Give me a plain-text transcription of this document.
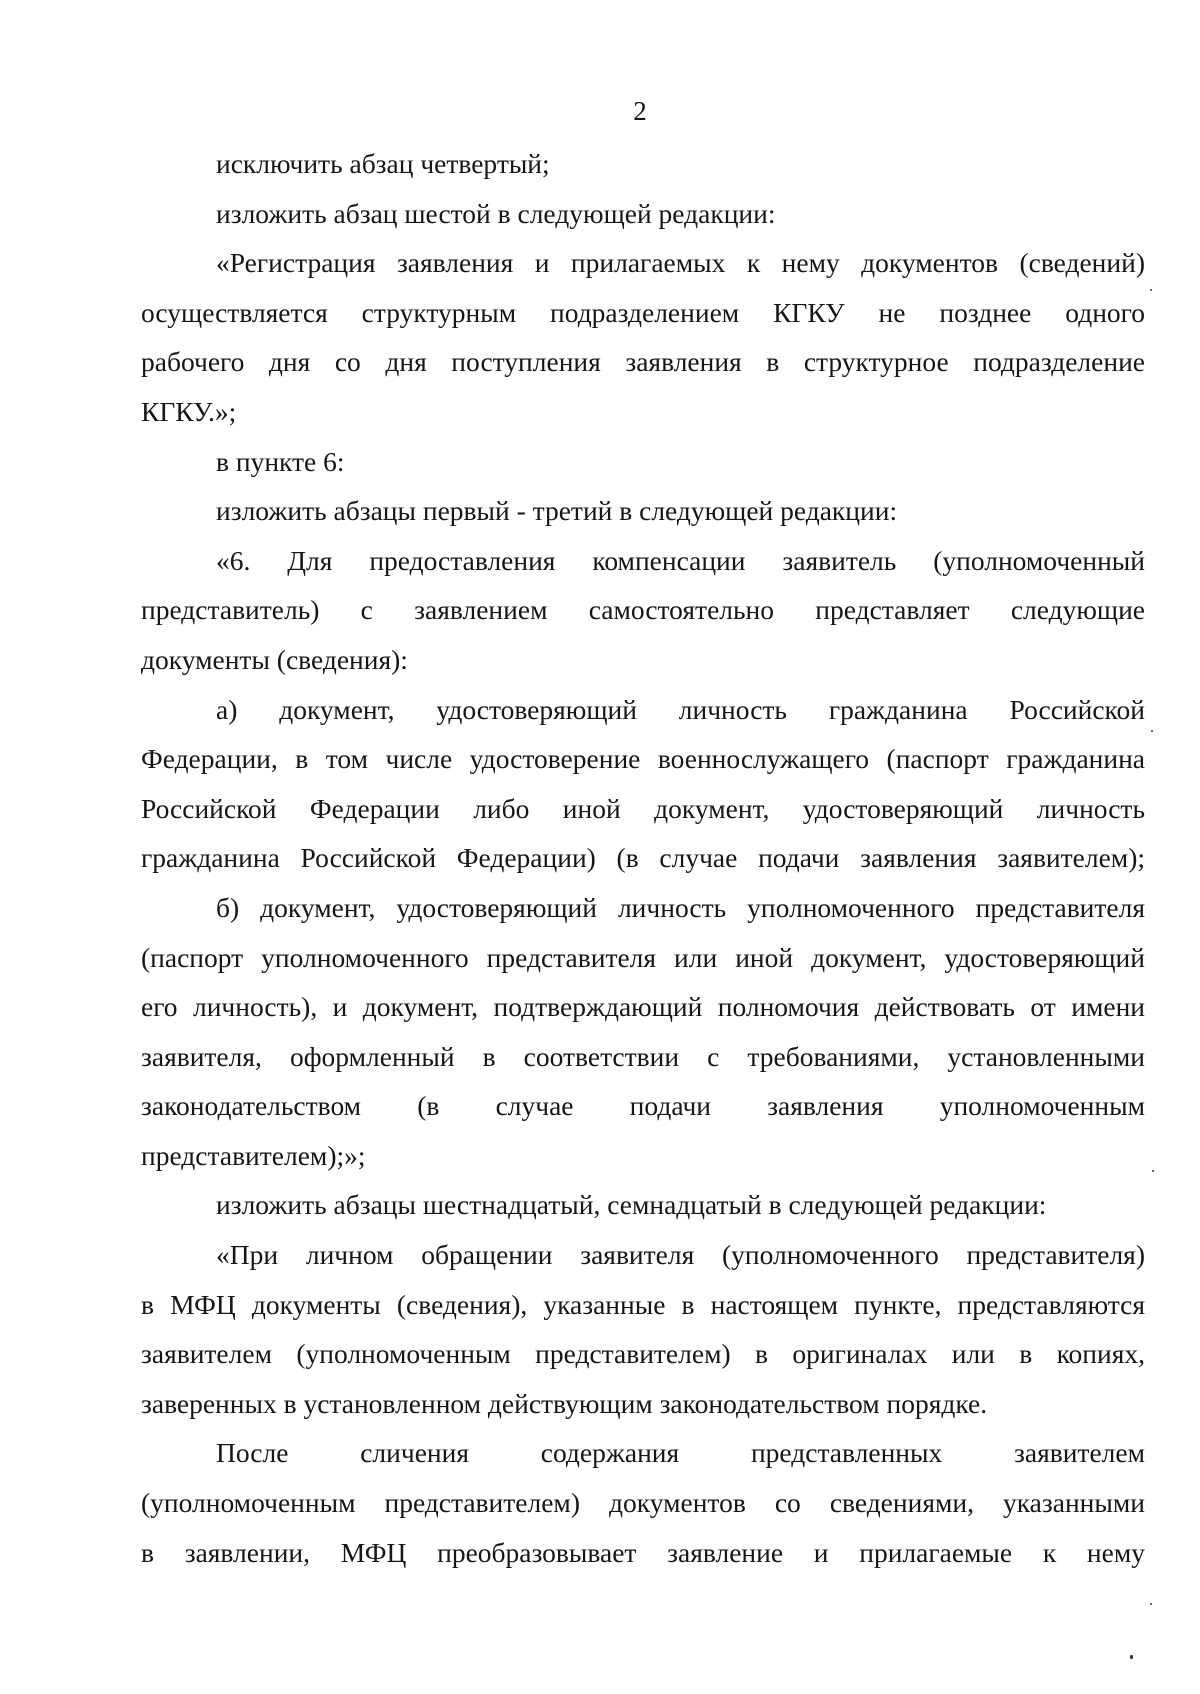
2
исключить абзац четвертый;
изложить абзац шестой в следующей редакции:
«Регистрация заявления и прилагаемых к нему документов (сведений)
осуществляется структурным подразделением КГКУ не позднее одного
рабочего дня со дня поступления заявления в структурное подразделение
КГКУ.»;
в пункте 6:
изложить абзацы первый - третий в следующей редакции:
«6. Для предоставления компенсации заявитель (уполномоченный
представитель) с заявлением самостоятельно представляет следующие
документы (сведения):
а) документ, удостоверяющий личность гражданина Российской
Федерации, в том числе удостоверение военнослужащего (паспорт гражданина
Российской Федерации либо иной документ, удостоверяющий личность
гражданина Российской Федерации) (в случае подачи заявления заявителем);
б) документ, удостоверяющий личность уполномоченного представителя
(паспорт уполномоченного представителя или иной документ, удостоверяющий
его личность), и документ, подтверждающий полномочия действовать от имени
заявителя, оформленный в соответствии с требованиями, установленными
законодательством (в случае подачи заявления уполномоченным
представителем);»;
изложить абзацы шестнадцатый, семнадцатый в следующей редакции:
«При личном обращении заявителя (уполномоченного представителя)
в МФЦ документы (сведения), указанные в настоящем пункте, представляются
заявителем (уполномоченным представителем) в оригиналах или в копиях,
заверенных в установленном действующим законодательством порядке.
После сличения содержания представленных заявителем
(уполномоченным представителем) документов со сведениями, указанными
в заявлении, МФЦ преобразовывает заявление и прилагаемые к нему
